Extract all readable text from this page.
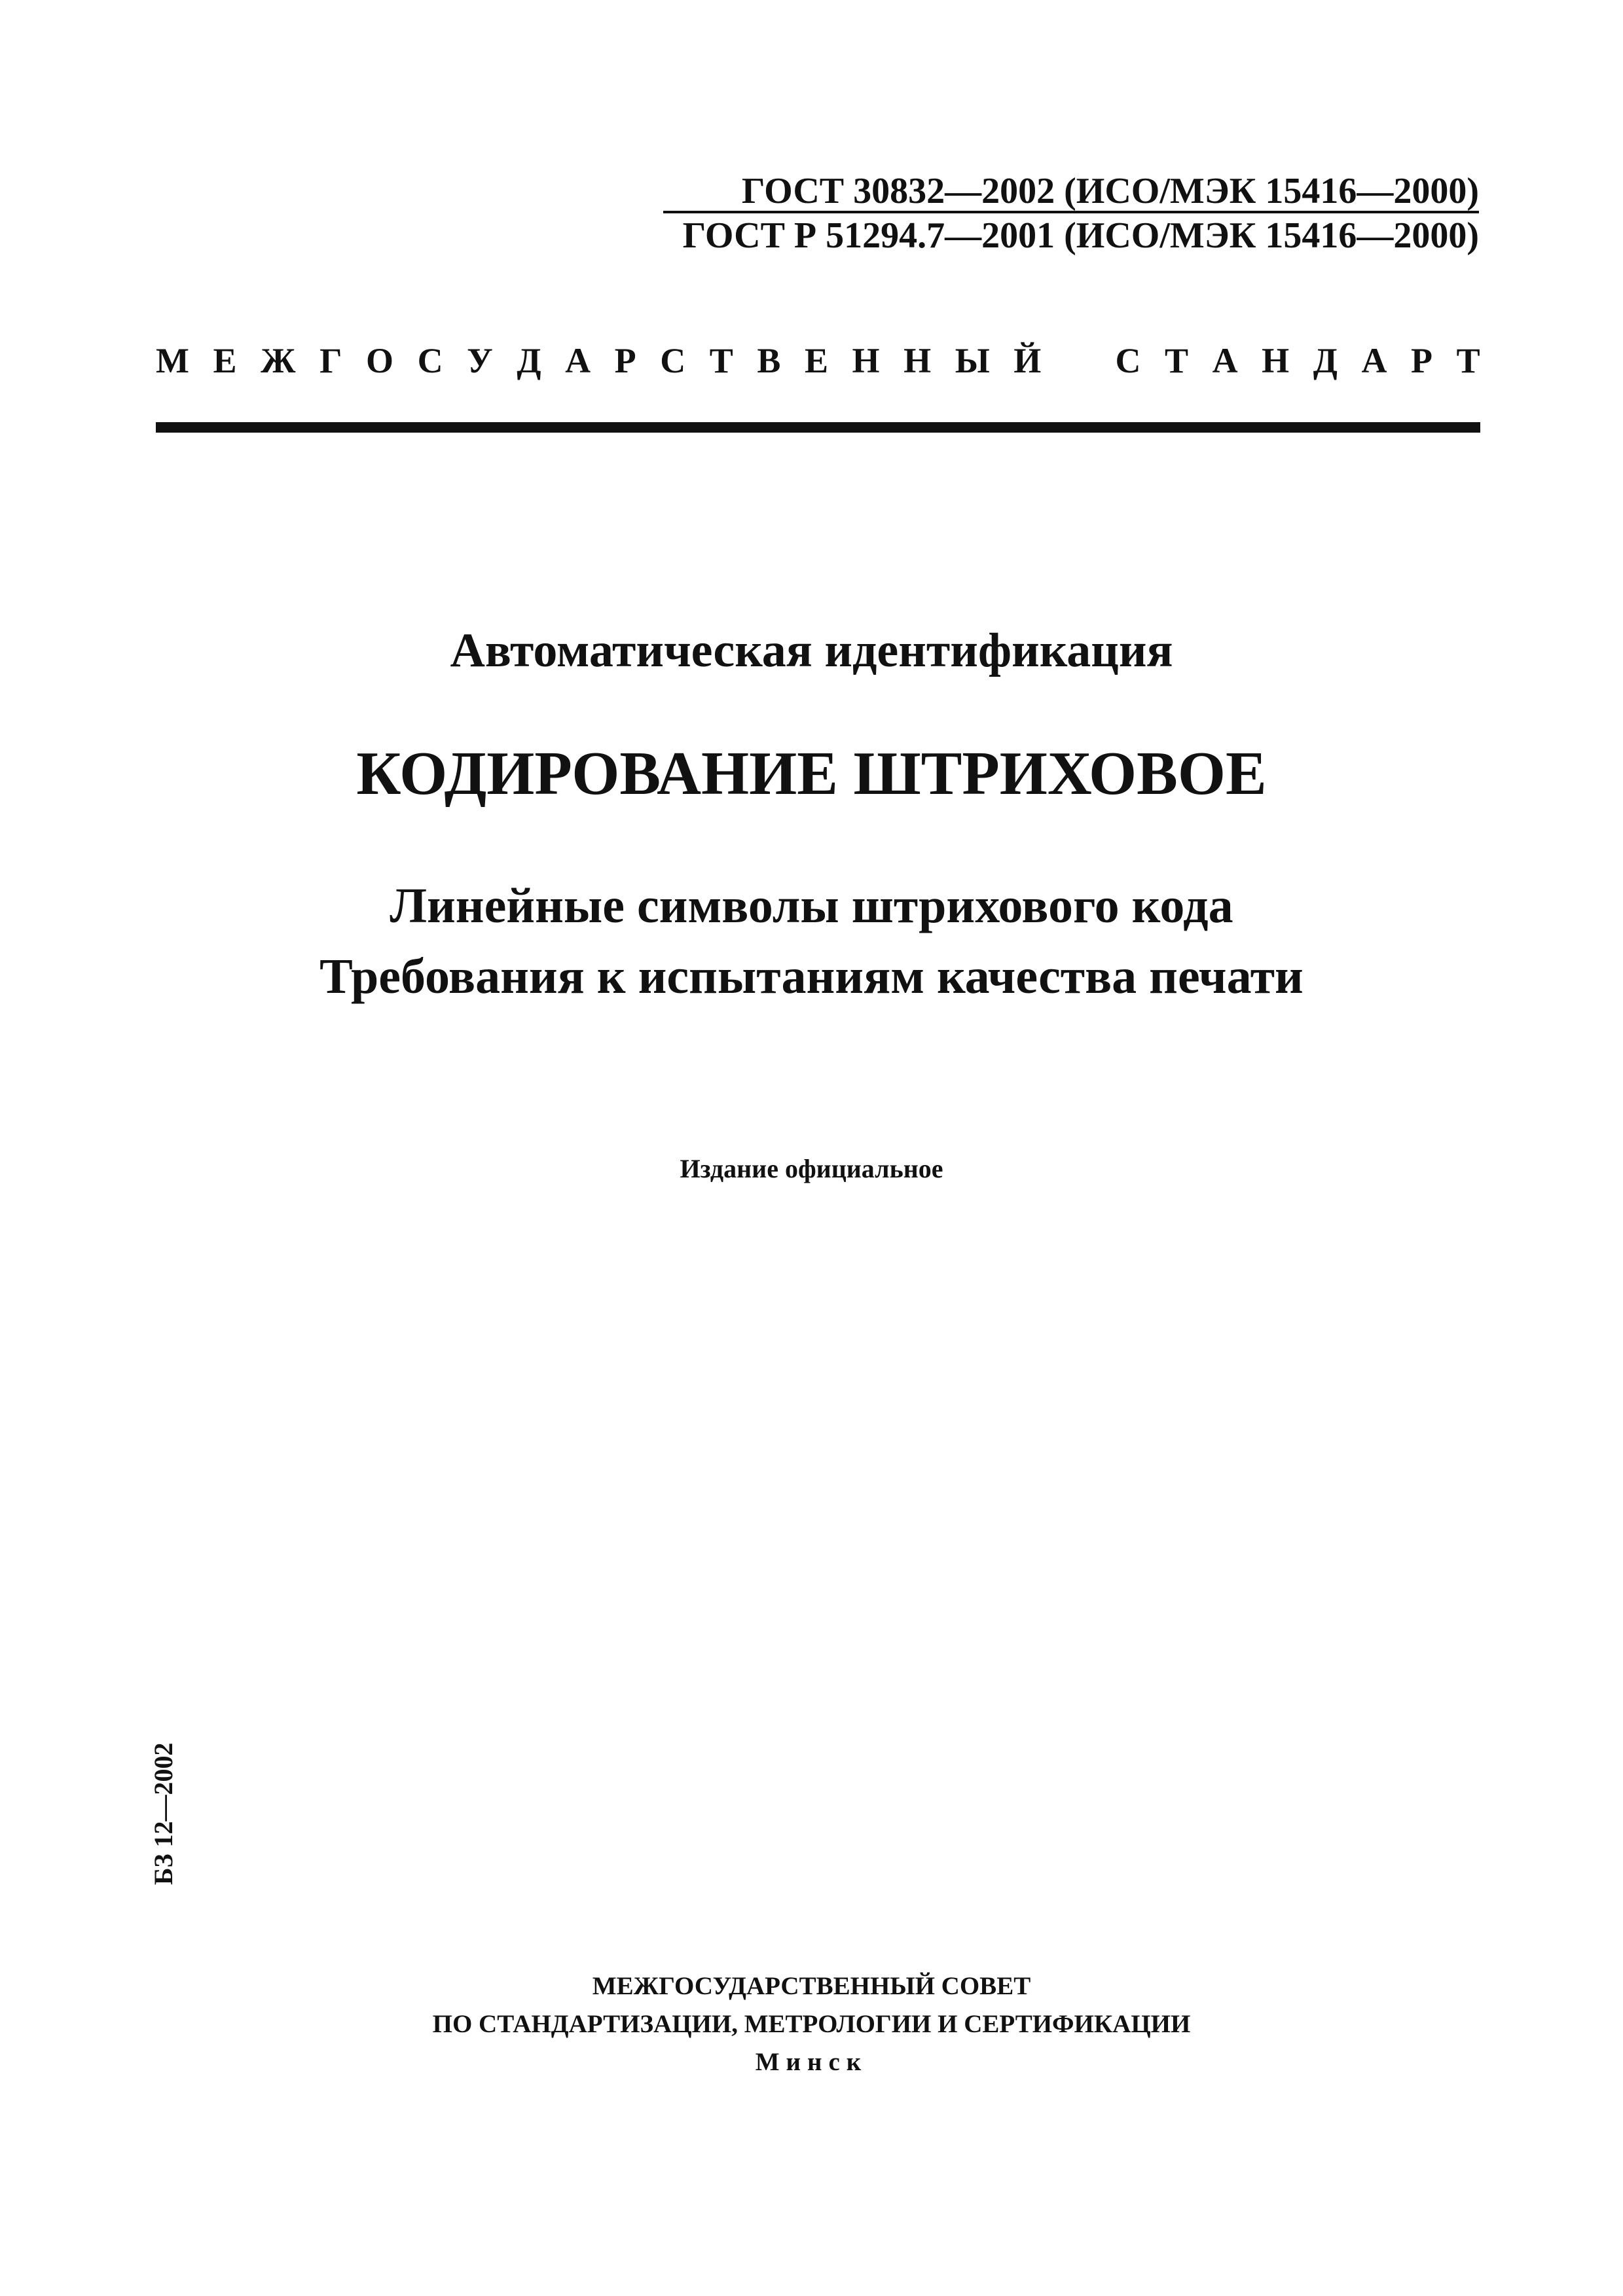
ГОСТ 30832—2002 (ИСО/МЭК 15416—2000)
ГОСТ Р 51294.7—2001 (ИСО/МЭК 15416—2000)
М Е Ж Г О С У Д А Р С Т В Е Н Н Ы Й
С Т А Н Д А Р Т
Автоматическая идентификация
КОДИРОВАНИЕ ШТРИХОВОЕ
Линейные символы штрихового кода
Требования к испытаниям качества печати
Издание официальное
БЗ 12—2002
МЕЖГОСУДАРСТВЕННЫЙ СОВЕТ
ПО СТАНДАРТИЗАЦИИ, МЕТРОЛОГИИ И СЕРТИФИКАЦИИ
Минск
